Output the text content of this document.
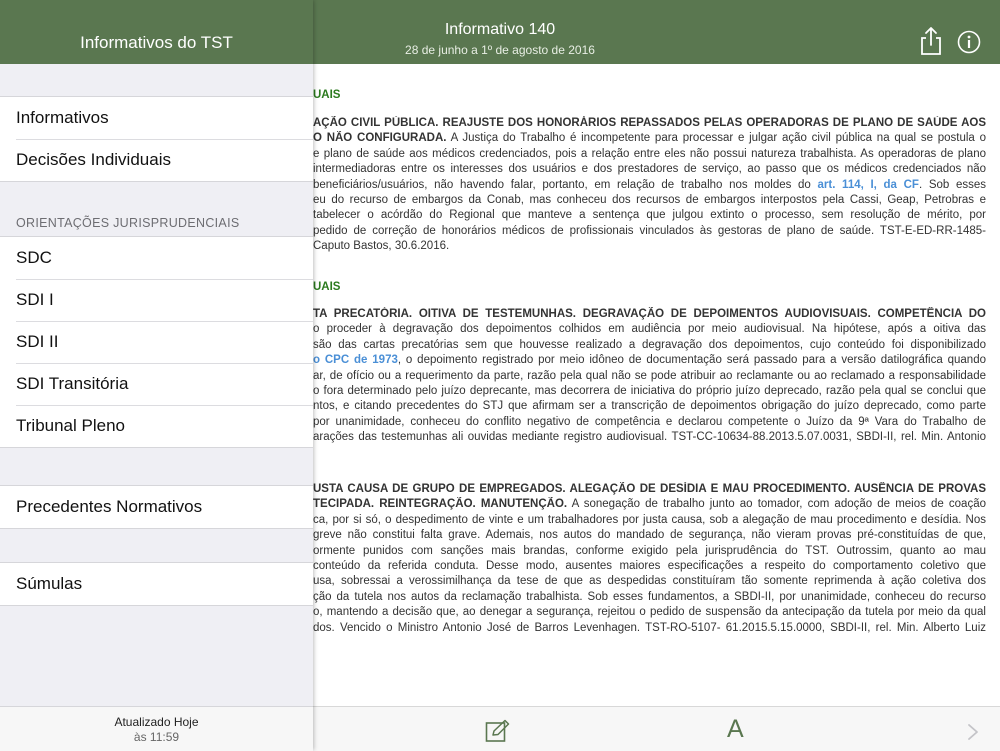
Informativo 140
28 de junho a 1º de agosto de 2016
UAIS
AÇÃO CIVIL PÚBLICA. REAJUSTE DOS HONORÁRIOS REPASSADOS PELAS OPERADORAS DE PLANO DE SAÚDE AOS
O NÃO CONFIGURADA. A Justiça do Trabalho é incompetente para processar e julgar ação civil pública na qual se postula o
e plano de saúde aos médicos credenciados, pois a relação entre eles não possui natureza trabalhista. As operadoras de plano
intermediadoras entre os interesses dos usuários e dos prestadores de serviço, ao passo que os médicos credenciados não
beneficiários/usuários, não havendo falar, portanto, em relação de trabalho nos moldes do art. 114, I, da CF. Sob esses
eu do recurso de embargos da Conab, mas conheceu dos recursos de embargos interpostos pela Cassi, Geap, Petrobras e
tabelecer o acórdão do Regional que manteve a sentença que julgou extinto o processo, sem resolução de mérito, por
pedido de correção de honorários médicos de profissionais vinculados às gestoras de plano de saúde. TST-E-ED-RR-1485-
Caputo Bastos, 30.6.2016.
UAIS
TA PRECATÓRIA. OITIVA DE TESTEMUNHAS. DEGRAVAÇÃO DE DEPOIMENTOS AUDIOVISUAIS. COMPETÊNCIA DO
o proceder à degravação dos depoimentos colhidos em audiência por meio audiovisual. Na hipótese, após a oitiva das
são das cartas precatórias sem que houvesse realizado a degravação dos depoimentos, cujo conteúdo foi disponibilizado
o CPC de 1973, o depoimento registrado por meio idôneo de documentação será passado para a versão datilográfica quando
ar, de ofício ou a requerimento da parte, razão pela qual não se pode atribuir ao reclamante ou ao reclamado a responsabilidade
o fora determinado pelo juízo deprecante, mas decorrera de iniciativa do próprio juízo deprecado, razão pela qual se conclui que
ntos, e citando precedentes do STJ que afirmam ser a transcrição de depoimentos obrigação do juízo deprecado, como parte
por unanimidade, conheceu do conflito negativo de competência e declarou competente o Juízo da 9ª Vara do Trabalho de
arações das testemunhas ali ouvidas mediante registro audiovisual. TST-CC-10634-88.2013.5.07.0031, SBDI-II, rel. Min. Antonio
USTA CAUSA DE GRUPO DE EMPREGADOS. ALEGAÇÃO DE DESÍDIA E MAU PROCEDIMENTO. AUSÊNCIA DE PROVAS
TECIPADA. REINTEGRAÇÃO. MANUTENÇÃO. A sonegação de trabalho junto ao tomador, com adoção de meios de coação
ca, por si só, o despedimento de vinte e um trabalhadores por justa causa, sob a alegação de mau procedimento e desídia. Nos
greve não constitui falta grave. Ademais, nos autos do mandado de segurança, não vieram provas pré-constituídas de que,
ormente punidos com sanções mais brandas, conforme exigido pela jurisprudência do TST. Outrossim, quanto ao mau
conteúdo da referida conduta. Desse modo, ausentes maiores especificações a respeito do comportamento coletivo que
usa, sobressai a verossimilhança da tese de que as despedidas constituíram tão somente reprimenda à ação coletiva dos
ção da tutela nos autos da reclamação trabalhista. Sob esses fundamentos, a SBDI-II, por unanimidade, conheceu do recurso
o, mantendo a decisão que, ao denegar a segurança, rejeitou o pedido de suspensão da antecipação da tutela por meio da qual
dos. Vencido o Ministro Antonio José de Barros Levenhagen. TST-RO-5107- 61.2015.5.15.0000, SBDI-II, rel. Min. Alberto Luiz
A
Informativos do TST
Informativos
Decisões Individuais
ORIENTAÇÕES JURISPRUDENCIAIS
SDC
SDI I
SDI II
SDI Transitória
Tribunal Pleno
Precedentes Normativos
Súmulas
Atualizado Hoje
às 11:59
